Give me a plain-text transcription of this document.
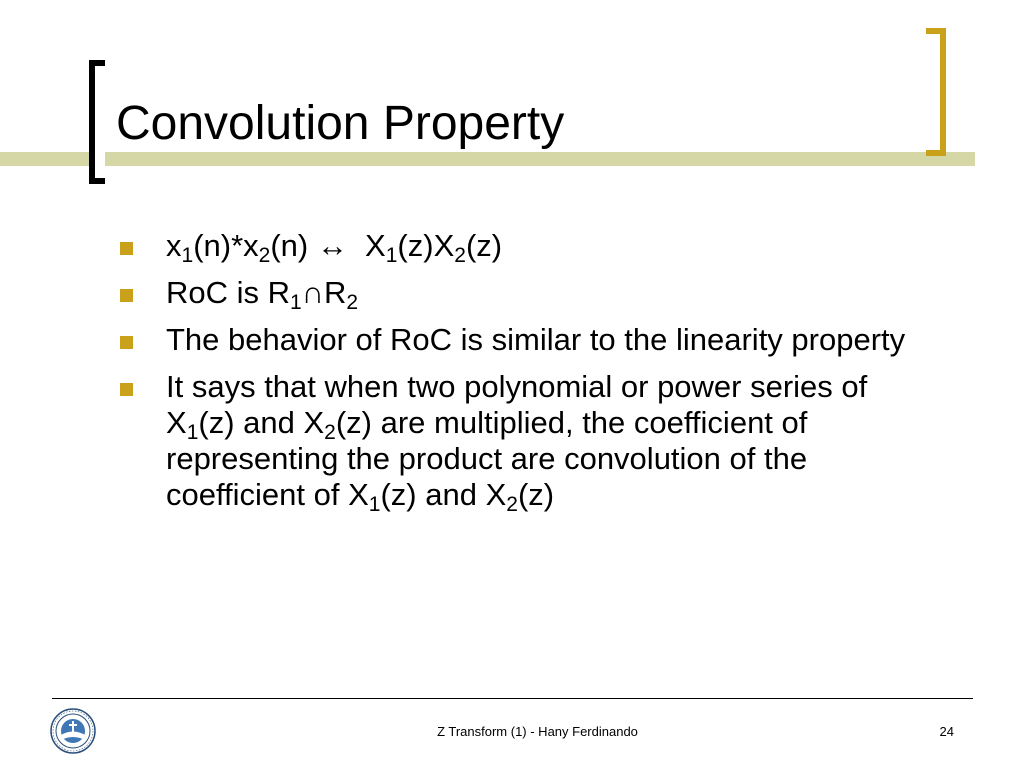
Convolution Property
$x_1(n)*x_2(n)$ ↔  $X_1(z)X_2(z)$
RoC is $R_1\cap R_2$
The behavior of RoC is similar to the linearity property
It says that when two polynomial or power series of $X_1(z)$ and $X_2(z)$ are multiplied, the coefficient of representing the product are convolution of the coefficient of $X_1(z)$ and $X_2(z)$
Z Transform (1) - Hany Ferdinando	24
